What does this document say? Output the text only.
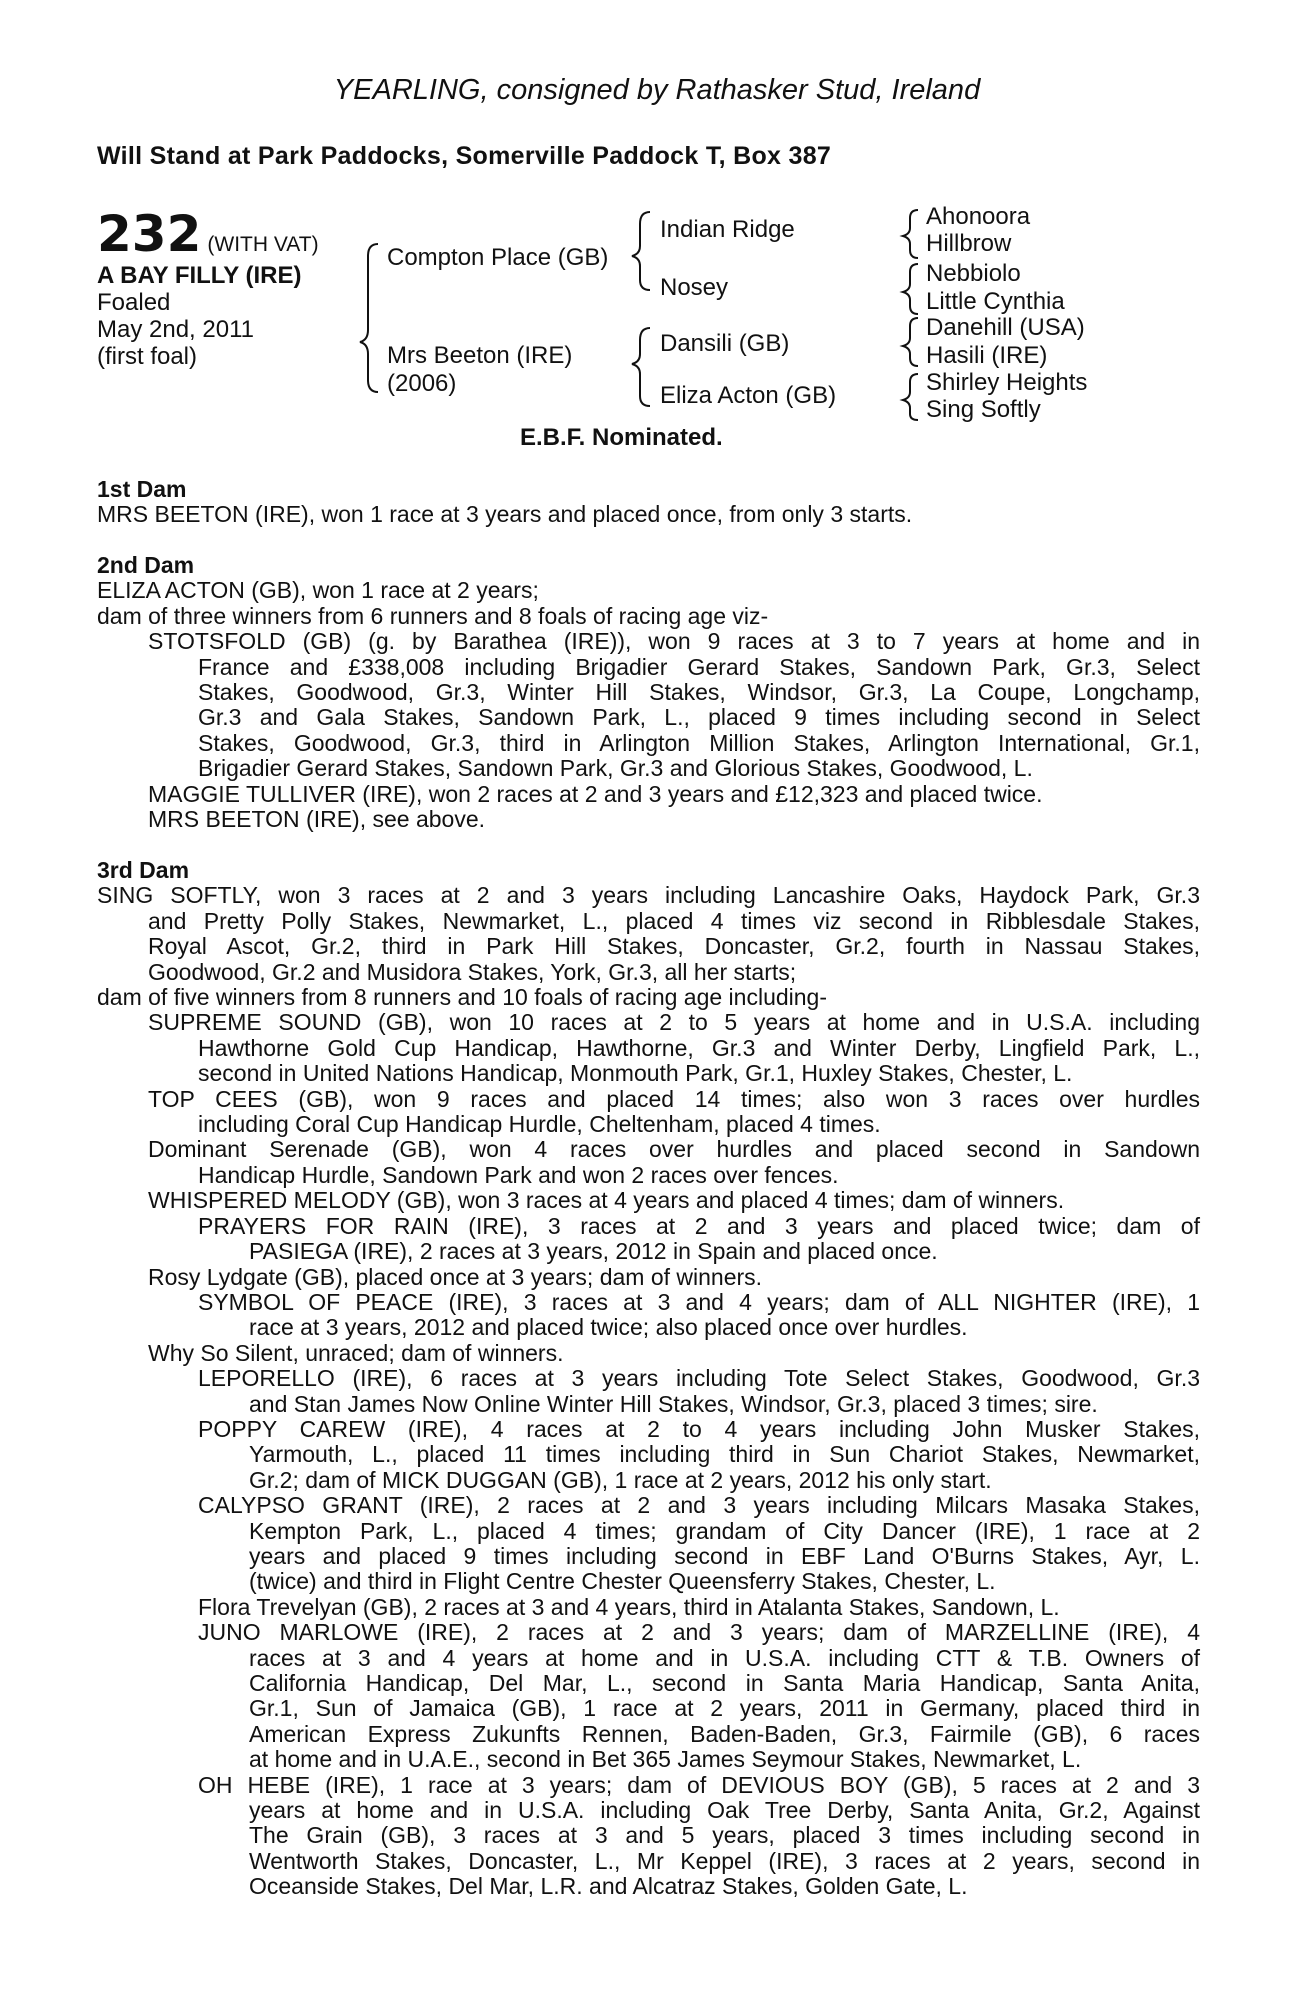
YEARLING, consigned by Rathasker Stud, Ireland
Will Stand at Park Paddocks, Somerville Paddock T, Box 387
232 (WITH VAT)
A BAY FILLY (IRE)
Foaled
May 2nd, 2011
(first foal)
Compton Place (GB)
Mrs Beeton (IRE)
(2006)
Indian Ridge
Nosey
Dansili (GB)
Eliza Acton (GB)
Ahonoora
Hillbrow
Nebbiolo
Little Cynthia
Danehill (USA)
Hasili (IRE)
Shirley Heights
Sing Softly
E.B.F. Nominated.
1st Dam
MRS BEETON (IRE), won 1 race at 3 years and placed once, from only 3 starts.
2nd Dam
ELIZA ACTON (GB), won 1 race at 2 years;
dam of three winners from 6 runners and 8 foals of racing age viz-
STOTSFOLD (GB) (g. by Barathea (IRE)), won 9 races at 3 to 7 years at home and in
France and £338,008 including Brigadier Gerard Stakes, Sandown Park, Gr.3, Select
Stakes, Goodwood, Gr.3, Winter Hill Stakes, Windsor, Gr.3, La Coupe, Longchamp,
Gr.3 and Gala Stakes, Sandown Park, L., placed 9 times including second in Select
Stakes, Goodwood, Gr.3, third in Arlington Million Stakes, Arlington International, Gr.1,
Brigadier Gerard Stakes, Sandown Park, Gr.3 and Glorious Stakes, Goodwood, L.
MAGGIE TULLIVER (IRE), won 2 races at 2 and 3 years and £12,323 and placed twice.
MRS BEETON (IRE), see above.
3rd Dam
SING SOFTLY, won 3 races at 2 and 3 years including Lancashire Oaks, Haydock Park, Gr.3
and Pretty Polly Stakes, Newmarket, L., placed 4 times viz second in Ribblesdale Stakes,
Royal Ascot, Gr.2, third in Park Hill Stakes, Doncaster, Gr.2, fourth in Nassau Stakes,
Goodwood, Gr.2 and Musidora Stakes, York, Gr.3, all her starts;
dam of five winners from 8 runners and 10 foals of racing age including-
SUPREME SOUND (GB), won 10 races at 2 to 5 years at home and in U.S.A. including
Hawthorne Gold Cup Handicap, Hawthorne, Gr.3 and Winter Derby, Lingfield Park, L.,
second in United Nations Handicap, Monmouth Park, Gr.1, Huxley Stakes, Chester, L.
TOP CEES (GB), won 9 races and placed 14 times; also won 3 races over hurdles
including Coral Cup Handicap Hurdle, Cheltenham, placed 4 times.
Dominant Serenade (GB), won 4 races over hurdles and placed second in Sandown
Handicap Hurdle, Sandown Park and won 2 races over fences.
WHISPERED MELODY (GB), won 3 races at 4 years and placed 4 times; dam of winners.
PRAYERS FOR RAIN (IRE), 3 races at 2 and 3 years and placed twice; dam of
PASIEGA (IRE), 2 races at 3 years, 2012 in Spain and placed once.
Rosy Lydgate (GB), placed once at 3 years; dam of winners.
SYMBOL OF PEACE (IRE), 3 races at 3 and 4 years; dam of ALL NIGHTER (IRE), 1
race at 3 years, 2012 and placed twice; also placed once over hurdles.
Why So Silent, unraced; dam of winners.
LEPORELLO (IRE), 6 races at 3 years including Tote Select Stakes, Goodwood, Gr.3
and Stan James Now Online Winter Hill Stakes, Windsor, Gr.3, placed 3 times; sire.
POPPY CAREW (IRE), 4 races at 2 to 4 years including John Musker Stakes,
Yarmouth, L., placed 11 times including third in Sun Chariot Stakes, Newmarket,
Gr.2; dam of MICK DUGGAN (GB), 1 race at 2 years, 2012 his only start.
CALYPSO GRANT (IRE), 2 races at 2 and 3 years including Milcars Masaka Stakes,
Kempton Park, L., placed 4 times; grandam of City Dancer (IRE), 1 race at 2
years and placed 9 times including second in EBF Land O'Burns Stakes, Ayr, L.
(twice) and third in Flight Centre Chester Queensferry Stakes, Chester, L.
Flora Trevelyan (GB), 2 races at 3 and 4 years, third in Atalanta Stakes, Sandown, L.
JUNO MARLOWE (IRE), 2 races at 2 and 3 years; dam of MARZELLINE (IRE), 4
races at 3 and 4 years at home and in U.S.A. including CTT & T.B. Owners of
California Handicap, Del Mar, L., second in Santa Maria Handicap, Santa Anita,
Gr.1, Sun of Jamaica (GB), 1 race at 2 years, 2011 in Germany, placed third in
American Express Zukunfts Rennen, Baden-Baden, Gr.3, Fairmile (GB), 6 races
at home and in U.A.E., second in Bet 365 James Seymour Stakes, Newmarket, L.
OH HEBE (IRE), 1 race at 3 years; dam of DEVIOUS BOY (GB), 5 races at 2 and 3
years at home and in U.S.A. including Oak Tree Derby, Santa Anita, Gr.2, Against
The Grain (GB), 3 races at 3 and 5 years, placed 3 times including second in
Wentworth Stakes, Doncaster, L., Mr Keppel (IRE), 3 races at 2 years, second in
Oceanside Stakes, Del Mar, L.R. and Alcatraz Stakes, Golden Gate, L.
